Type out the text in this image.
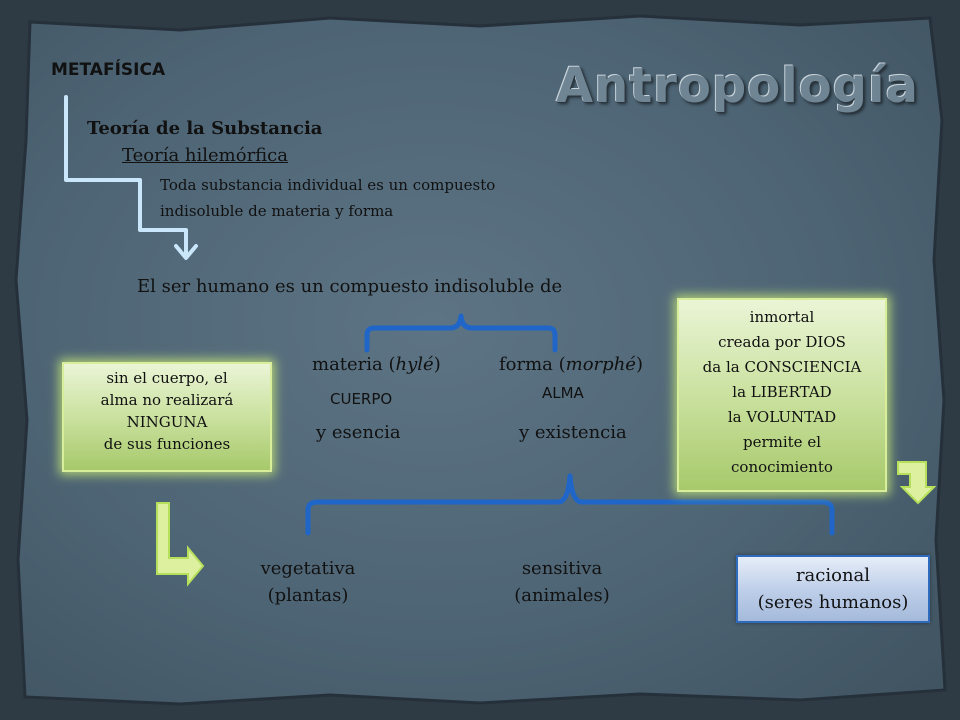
Antropología
METAFÍSICA
Teoría de la Substancia
Teoría hilemórfica
Toda substancia individual es un compuesto
indisoluble de materia y forma
El ser humano es un compuesto indisoluble de
materia (hylé)	forma (morphé)
CUERPO	ALMA
y esencia	y existencia
sin el cuerpo, el
alma no realizará
NINGUNA
de sus funciones
inmortal
creada por DIOS
da la CONSCIENCIA
la LIBERTAD
la VOLUNTAD
permite el
conocimiento
vegetativa
(plantas)
sensitiva
(animales)
racional
(seres humanos)
